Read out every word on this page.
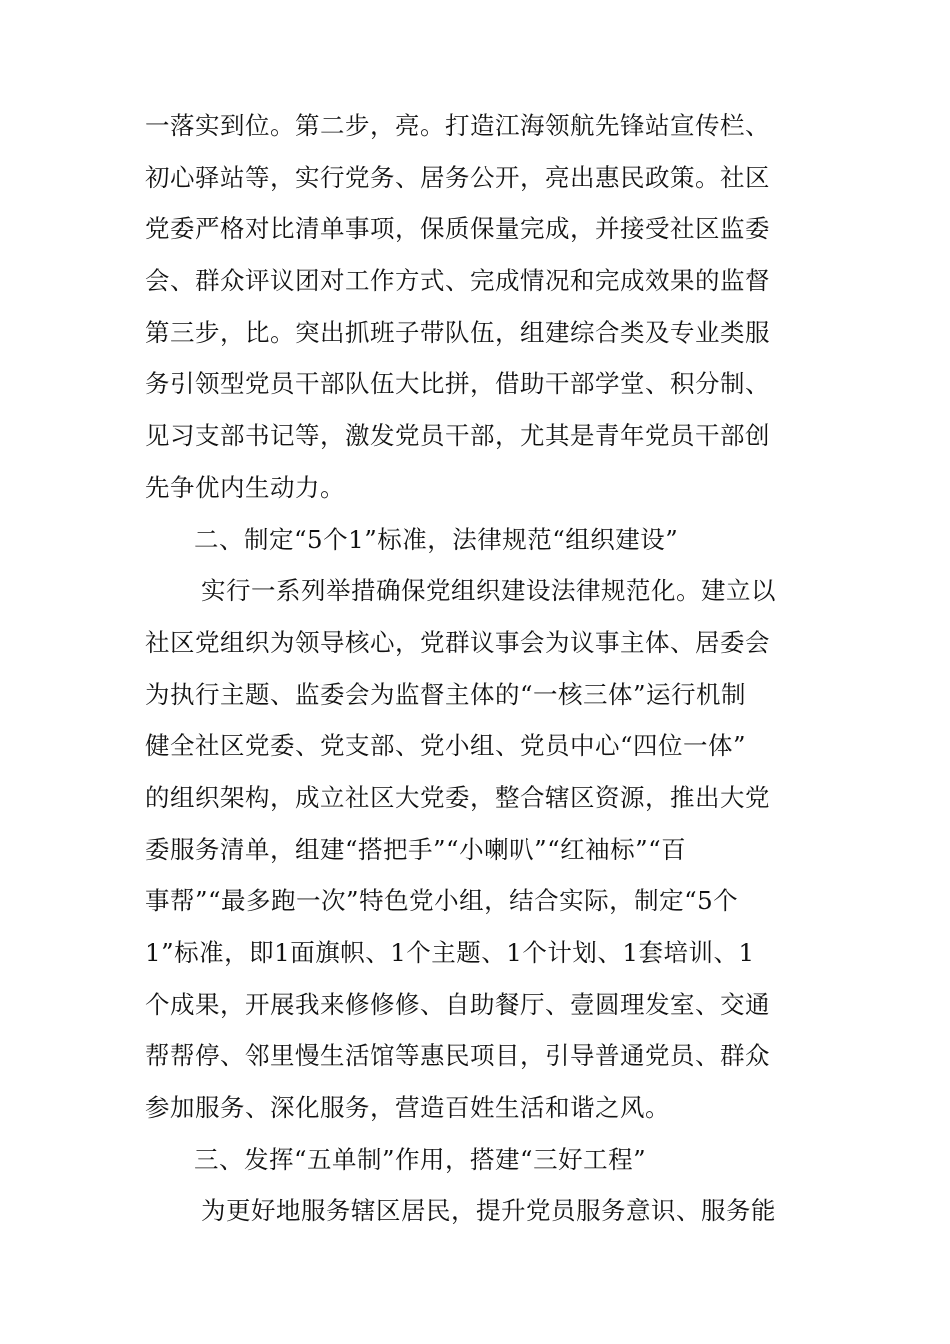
一落实到位。第二步，亮。打造江海领航先锋站宣传栏、
初心驿站等，实行党务、居务公开，亮出惠民政策。社区
党委严格对比清单事项，保质保量完成，并接受社区监委
会、群众评议团对工作方式、完成情况和完成效果的监督
第三步，比。突出抓班子带队伍，组建综合类及专业类服
务引领型党员干部队伍大比拼，借助干部学堂、积分制、
见习支部书记等，激发党员干部，尤其是青年党员干部创
先争优内生动力。
二、制定“5个1”标准，法律规范“组织建设”
实行一系列举措确保党组织建设法律规范化。建立以
社区党组织为领导核心，党群议事会为议事主体、居委会
为执行主题、监委会为监督主体的“一核三体”运行机制
健全社区党委、党支部、党小组、党员中心“四位一体”
的组织架构，成立社区大党委，整合辖区资源，推出大党
委服务清单，组建“搭把手”“小喇叭”“红袖标”“百
事帮”“最多跑一次”特色党小组，结合实际，制定“5个
1”标准，即1面旗帜、1个主题、1个计划、1套培训、1
个成果，开展我来修修修、自助餐厅、壹圆理发室、交通
帮帮停、邻里慢生活馆等惠民项目，引导普通党员、群众
参加服务、深化服务，营造百姓生活和谐之风。
三、发挥“五单制”作用，搭建“三好工程”
为更好地服务辖区居民，提升党员服务意识、服务能
